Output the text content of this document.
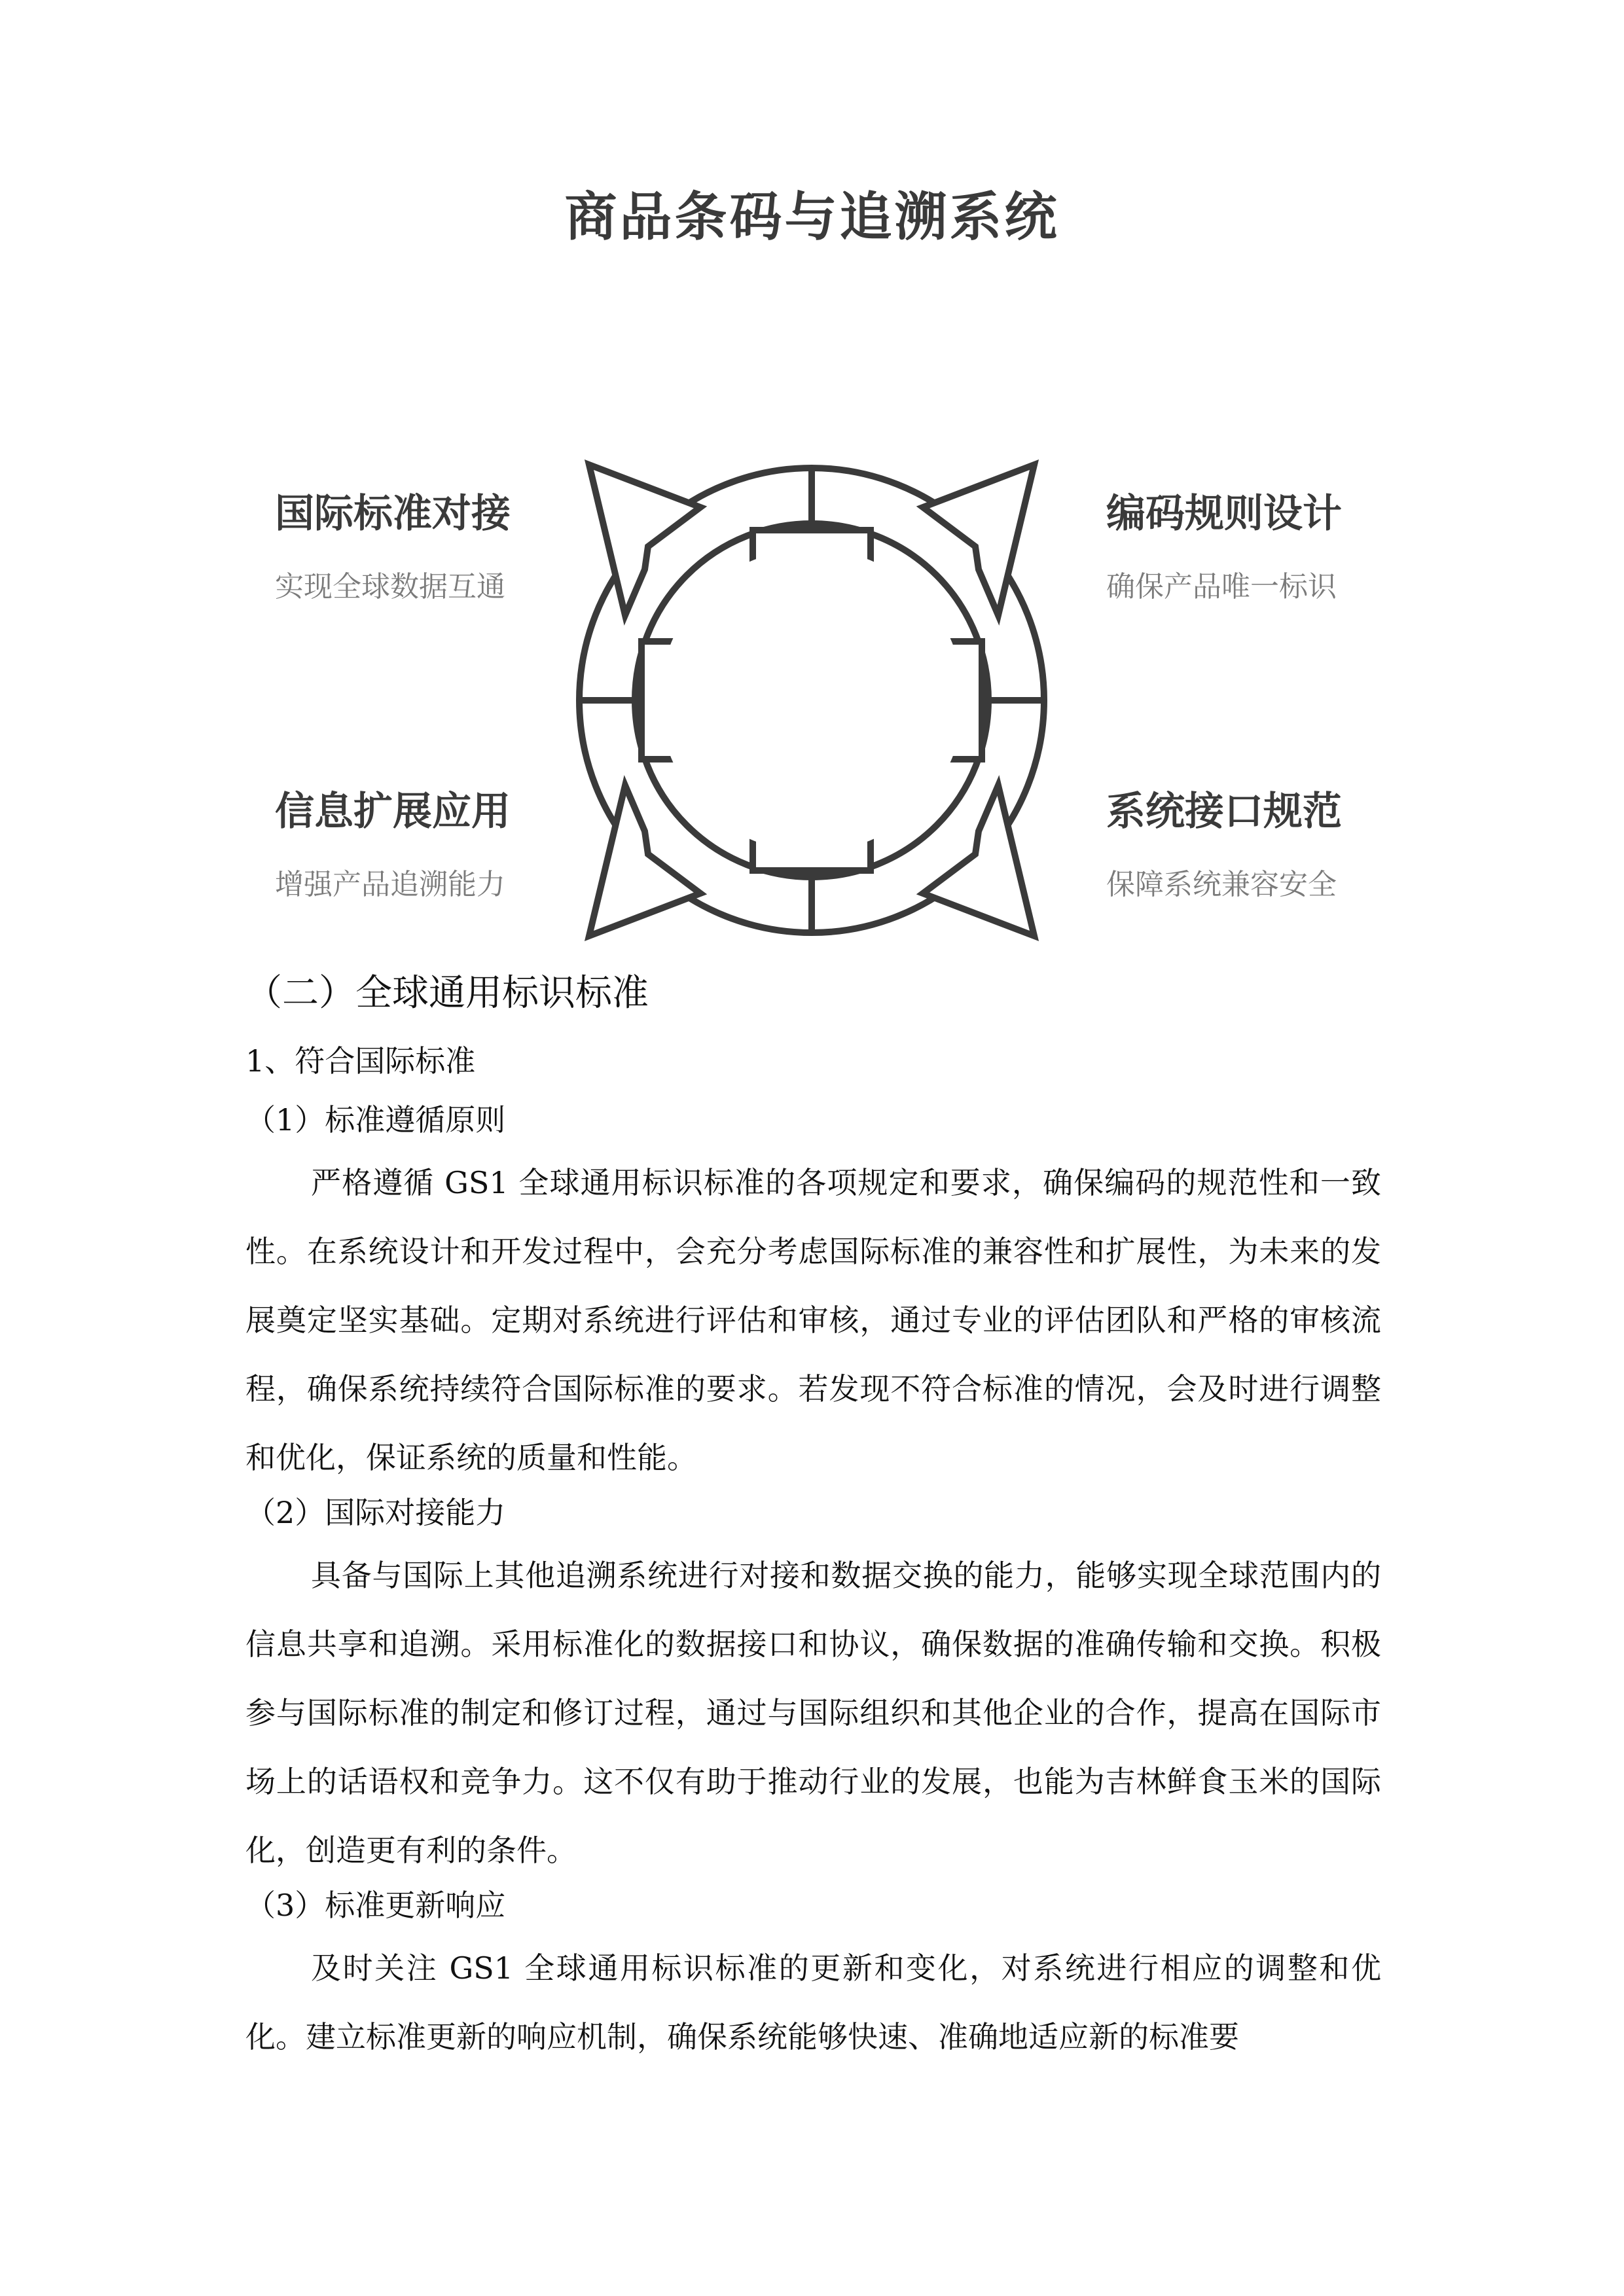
商品条码与追溯系统
国际标准对接
实现全球数据互通
编码规则设计
确保产品唯一标识
信息扩展应用
增强产品追溯能力
系统接口规范
保障系统兼容安全
（二）全球通用标识标准
1、符合国际标准
（1）标准遵循原则

严格遵循 GS1 全球通用标识标准的各项规定和要求，确保编码的规范性和一致性。在系统设计和开发过程中，会充分考虑国际标准的兼容性和扩展性，为未来的发展奠定坚实基础。定期对系统进行评估和审核，通过专业的评估团队和严格的审核流程，确保系统持续符合国际标准的要求。若发现不符合标准的情况，会及时进行调整和优化，保证系统的质量和性能。

（2）国际对接能力

具备与国际上其他追溯系统进行对接和数据交换的能力，能够实现全球范围内的信息共享和追溯。采用标准化的数据接口和协议，确保数据的准确传输和交换。积极参与国际标准的制定和修订过程，通过与国际组织和其他企业的合作，提高在国际市场上的话语权和竞争力。这不仅有助于推动行业的发展，也能为吉林鲜食玉米的国际化，创造更有利的条件。

（3）标准更新响应

及时关注 GS1 全球通用标识标准的更新和变化，对系统进行相应的调整和优化。建立标准更新的响应机制，确保系统能够快速、准确地适应新的标准要
